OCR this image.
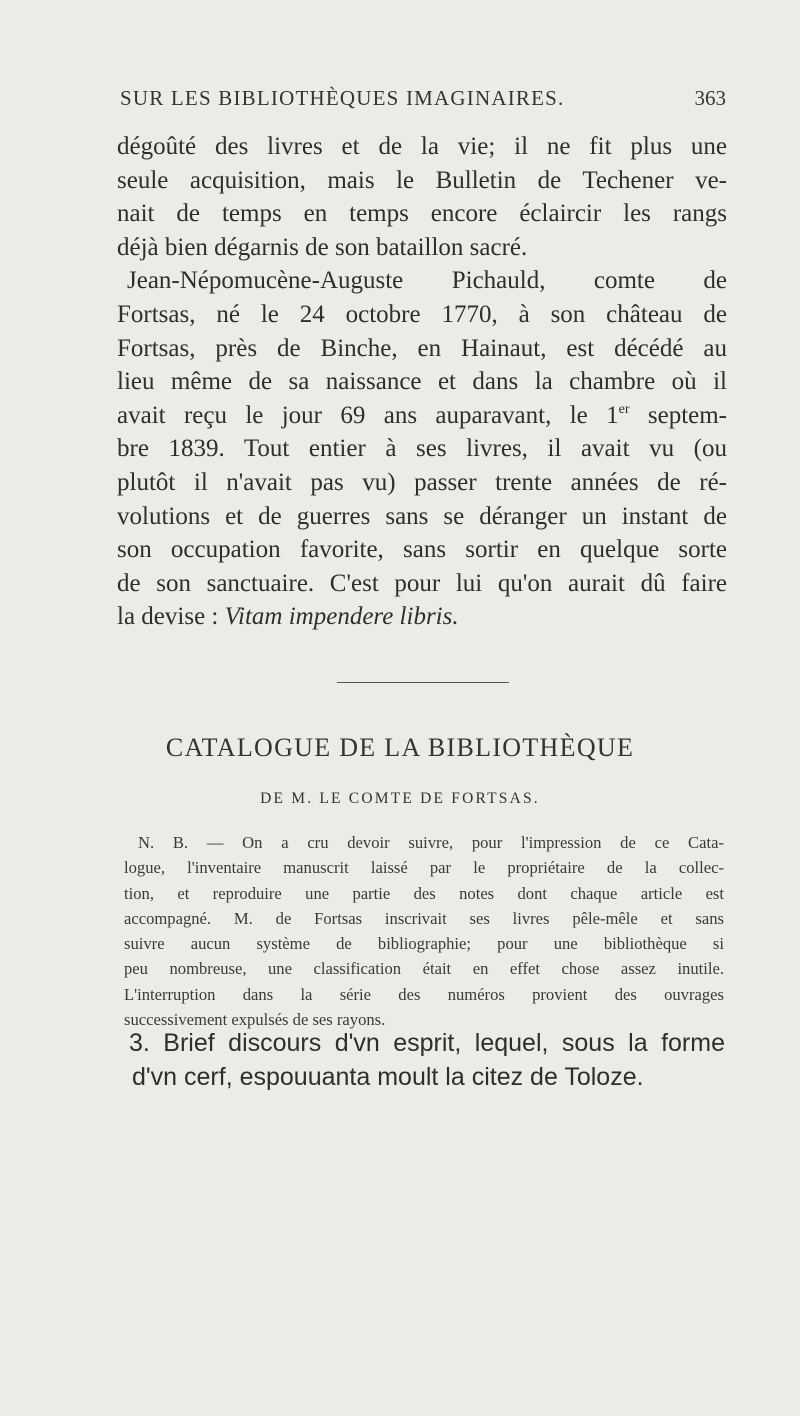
SUR LES BIBLIOTHÈQUES IMAGINAIRES.	363
dégoûté des livres et de la vie; il ne fit plus une
seule acquisition, mais le Bulletin de Techener ve-
nait de temps en temps encore éclaircir les rangs
déjà bien dégarnis de son bataillon sacré.
Jean-Népomucène-Auguste Pichauld, comte de
Fortsas, né le 24 octobre 1770, à son château de
Fortsas, près de Binche, en Hainaut, est décédé au
lieu même de sa naissance et dans la chambre où il
avait reçu le jour 69 ans auparavant, le 1er septem-
bre 1839. Tout entier à ses livres, il avait vu (ou
plutôt il n'avait pas vu) passer trente années de ré-
volutions et de guerres sans se déranger un instant de
son occupation favorite, sans sortir en quelque sorte
de son sanctuaire. C'est pour lui qu'on aurait dû faire
la devise : Vitam impendere libris.
CATALOGUE DE LA BIBLIOTHÈQUE
DE M. LE COMTE DE FORTSAS.
N. B. — On a cru devoir suivre, pour l'impression de ce Cata-
logue, l'inventaire manuscrit laissé par le propriétaire de la collec-
tion, et reproduire une partie des notes dont chaque article est
accompagné. M. de Fortsas inscrivait ses livres pêle-mêle et sans
suivre aucun système de bibliographie; pour une bibliothèque si
peu nombreuse, une classification était en effet chose assez inutile.
L'interruption dans la série des numéros provient des ouvrages
successivement expulsés de ses rayons.
3. Brief discours d'vn esprit, lequel, sous la forme
d'vn cerf, espouuanta moult la citez de Toloze.
